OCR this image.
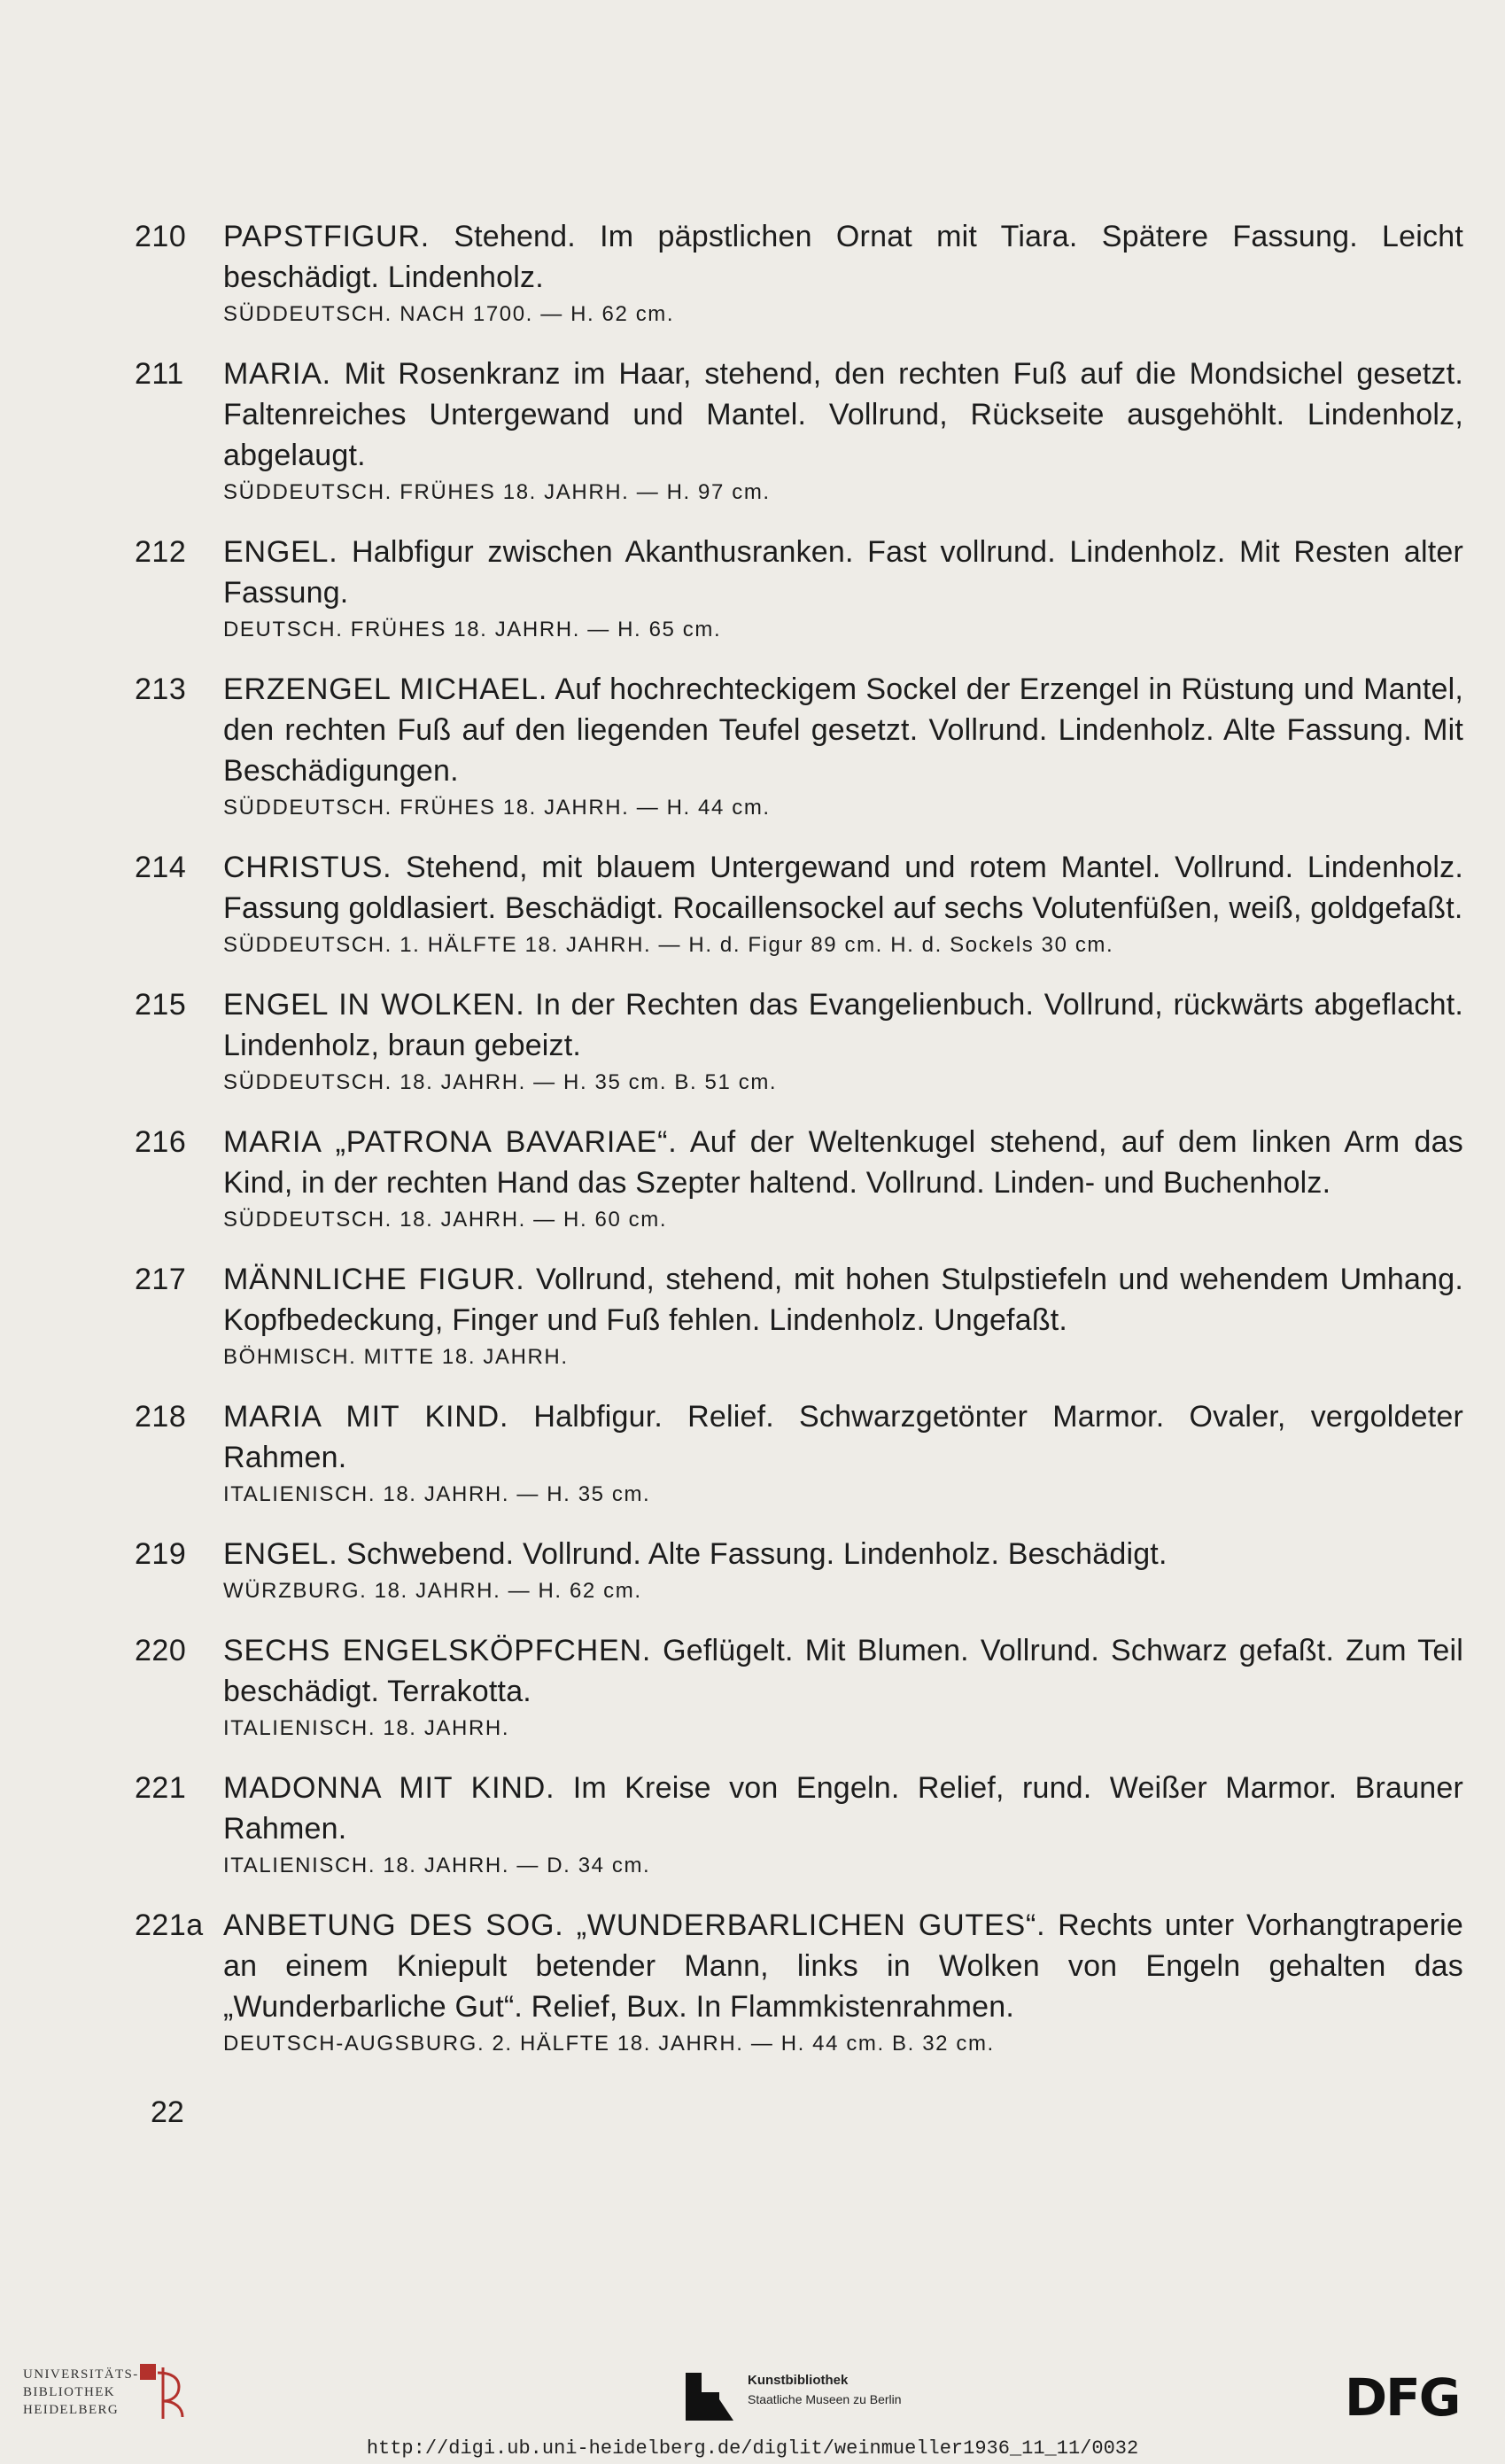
210 PAPSTFIGUR. Stehend. Im päpstlichen Ornat mit Tiara. Spätere Fassung. Leicht beschädigt. Lindenholz.
SÜDDEUTSCH. NACH 1700. — H. 62 cm.
211 MARIA. Mit Rosenkranz im Haar, stehend, den rechten Fuß auf die Mondsichel gesetzt. Faltenreiches Untergewand und Mantel. Vollrund, Rückseite ausgehöhlt. Lindenholz, abgelaugt.
SÜDDEUTSCH. FRÜHES 18. JAHRH. — H. 97 cm.
212 ENGEL. Halbfigur zwischen Akanthusranken. Fast vollrund. Lindenholz. Mit Resten alter Fassung.
DEUTSCH. FRÜHES 18. JAHRH. — H. 65 cm.
213 ERZENGEL MICHAEL. Auf hochrechteckigem Sockel der Erzengel in Rüstung und Mantel, den rechten Fuß auf den liegenden Teufel gesetzt. Vollrund. Lindenholz. Alte Fassung. Mit Beschädigungen.
SÜDDEUTSCH. FRÜHES 18. JAHRH. — H. 44 cm.
214 CHRISTUS. Stehend, mit blauem Untergewand und rotem Mantel. Vollrund. Lindenholz. Fassung goldlasiert. Beschädigt. Rocaillensockel auf sechs Volutenfüßen, weiß, goldgefaßt.
SÜDDEUTSCH. 1. HÄLFTE 18. JAHRH. — H. d. Figur 89 cm. H. d. Sockels 30 cm.
215 ENGEL IN WOLKEN. In der Rechten das Evangelienbuch. Vollrund, rückwärts abgeflacht. Lindenholz, braun gebeizt.
SÜDDEUTSCH. 18. JAHRH. — H. 35 cm. B. 51 cm.
216 MARIA „PATRONA BAVARIAE“. Auf der Weltenkugel stehend, auf dem linken Arm das Kind, in der rechten Hand das Szepter haltend. Vollrund. Linden- und Buchenholz.
SÜDDEUTSCH. 18. JAHRH. — H. 60 cm.
217 MÄNNLICHE FIGUR. Vollrund, stehend, mit hohen Stulpstiefeln und wehendem Umhang. Kopfbedeckung, Finger und Fuß fehlen. Lindenholz. Ungefaßt.
BÖHMISCH. MITTE 18. JAHRH.
218 MARIA MIT KIND. Halbfigur. Relief. Schwarzgetönter Marmor. Ovaler, vergoldeter Rahmen.
ITALIENISCH. 18. JAHRH. — H. 35 cm.
219 ENGEL. Schwebend. Vollrund. Alte Fassung. Lindenholz. Beschädigt.
WÜRZBURG. 18. JAHRH. — H. 62 cm.
220 SECHS ENGELSKÖPFCHEN. Geflügelt. Mit Blumen. Vollrund. Schwarz gefaßt. Zum Teil beschädigt. Terrakotta.
ITALIENISCH. 18. JAHRH.
221 MADONNA MIT KIND. Im Kreise von Engeln. Relief, rund. Weißer Marmor. Brauner Rahmen.
ITALIENISCH. 18. JAHRH. — D. 34 cm.
221a ANBETUNG DES SOG. „WUNDERBARLICHEN GUTES“. Rechts unter Vorhangtraperie an einem Kniepult betender Mann, links in Wolken von Engeln gehalten das „Wunderbarliche Gut“. Relief, Bux. In Flammkistenrahmen.
DEUTSCH-AUGSBURG. 2. HÄLFTE 18. JAHRH. — H. 44 cm. B. 32 cm.
22
UNIVERSITÄTS-
BIBLIOTHEK
HEIDELBERG
Kunstbibliothek
Staatliche Museen zu Berlin	DFG
http://digi.ub.uni-heidelberg.de/diglit/weinmueller1936_11_11/0032
